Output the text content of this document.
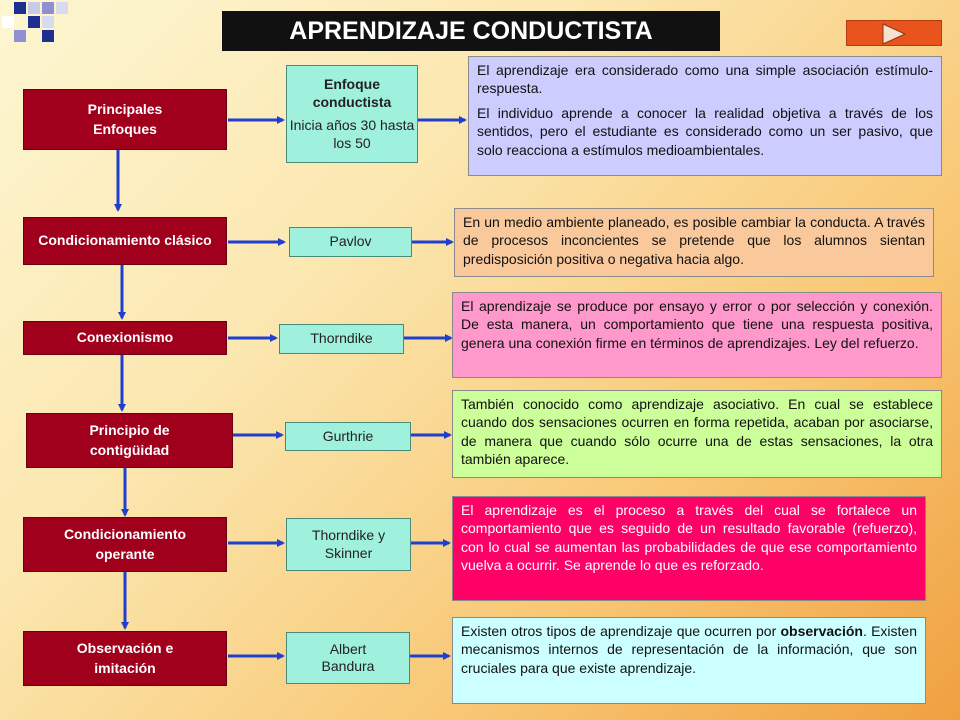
APRENDIZAJE CONDUCTISTA
Principales
Enfoques
Enfoque conductista
Inicia años 30 hasta los 50

El aprendizaje era considerado como una simple asociación estímulo-respuesta.

El individuo aprende a conocer la realidad objetiva a través de los sentidos, pero el estudiante es considerado como un ser pasivo, que solo reacciona a estímulos medioambientales.

Condicionamiento clásico	Pavlov

En un medio ambiente planeado, es posible cambiar la conducta. A través de procesos inconcientes se pretende que los alumnos sientan predisposición positiva o negativa hacia algo.

Conexionismo	Thorndike

El aprendizaje se produce por ensayo y error o por selección y conexión. De esta manera, un comportamiento que tiene una respuesta positiva, genera una conexión firme en términos de aprendizajes. Ley del refuerzo.

Principio de contigüidad
Gurthrie

También conocido como aprendizaje asociativo. En cual se establece cuando dos sensaciones ocurren en forma repetida, acaban por asociarse, de manera que cuando sólo ocurre una de estas sensaciones, la otra también aparece.

Condicionamiento operante
Thorndike y Skinner

El aprendizaje es el proceso a través del cual se fortalece un comportamiento que es seguido de un resultado favorable (refuerzo), con lo cual se aumentan las probabilidades de que ese comportamiento vuelva a ocurrir. Se aprende lo que es reforzado.

Observación e imitación
Albert Bandura

Existen otros tipos de aprendizaje que ocurren por observación. Existen mecanismos internos de representación de la información, que son cruciales para que existe aprendizaje.
